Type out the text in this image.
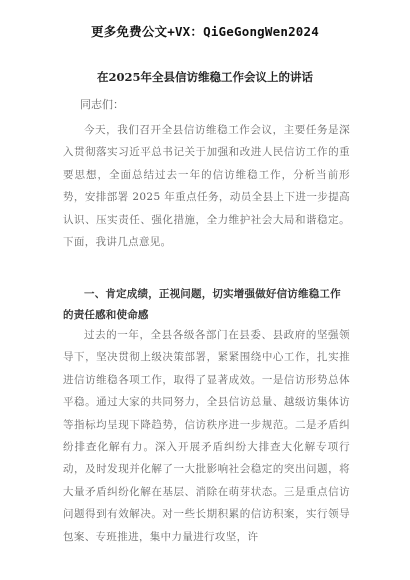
更多免费公文+VX：QiGeGongWen2024
在2025年全县信访维稳工作会议上的讲话
同志们：
今天，我们召开全县信访维稳工作会议，主要任务是深入贯彻落实习近平总书记关于加强和改进人民信访工作的重要思想，全面总结过去一年的信访维稳工作，分析当前形势，安排部署 2025 年重点任务，动员全县上下进一步提高认识、压实责任、强化措施，全力维护社会大局和谐稳定。下面，我讲几点意见。
一、肯定成绩，正视问题，切实增强做好信访维稳工作的责任感和使命感
过去的一年，全县各级各部门在县委、县政府的坚强领导下，坚决贯彻上级决策部署，紧紧围绕中心工作，扎实推进信访维稳各项工作，取得了显著成效。一是信访形势总体平稳。通过大家的共同努力，全县信访总量、越级访集体访等指标均呈现下降趋势，信访秩序进一步规范。二是矛盾纠纷排查化解有力。深入开展矛盾纠纷大排查大化解专项行动，及时发现并化解了一大批影响社会稳定的突出问题，将大量矛盾纠纷化解在基层、消除在萌芽状态。三是重点信访问题得到有效解决。对一些长期积累的信访积案，实行领导包案、专班推进，集中力量进行攻坚，许
